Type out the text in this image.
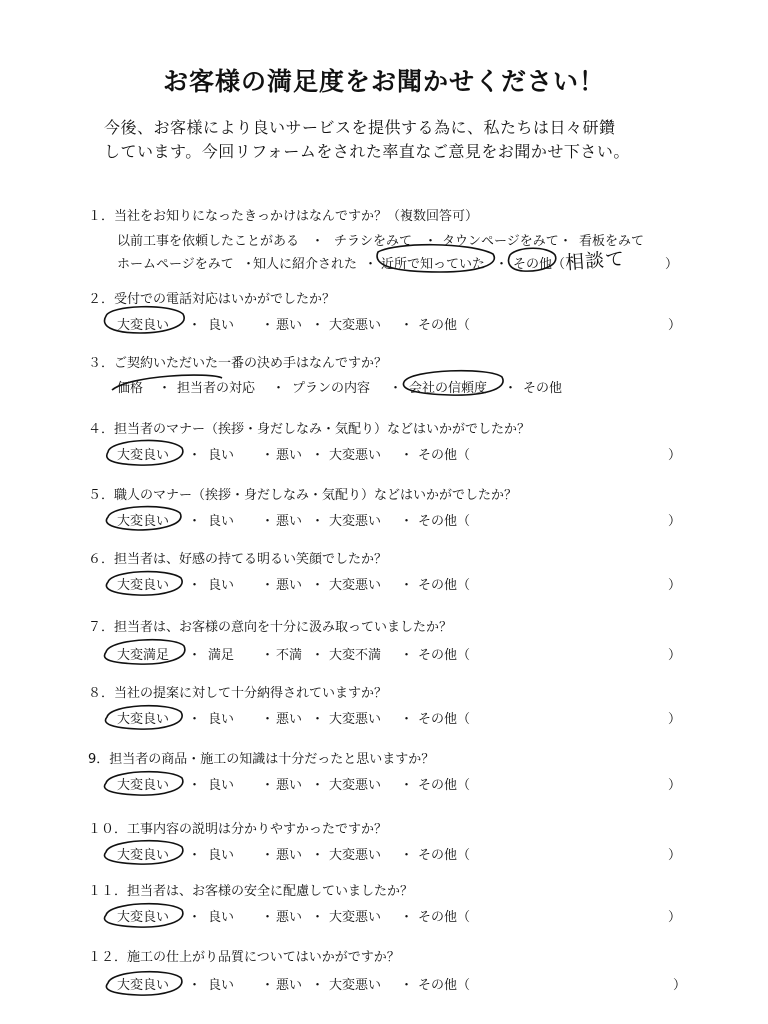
お客様の満足度をお聞かせください！
今後、お客様により良いサービスを提供する為に、私たちは日々研鑽
しています。今回リフォームをされた率直なご意見をお聞かせ下さい。
１．当社をお知りになったきっかけはなんですか？（複数回答可）
以前工事を依頼したことがある ・ チラシをみて ・ タウンページをみて ・ 看板をみて
ホームページをみて ・
知人に紹介された ・ 近所で知っていた ・ その他（	）
相談て
２．受付での電話対応はいかがでしたか？
大変良い	良い	悪い 大変悪い	その他（
・	・	・	・	）
４．担当者のマナー（挨拶・身だしなみ・気配り）などはいかがでしたか？
大変良い	良い	悪い 大変悪い	その他（
・	・	・	・	）
５．職人のマナー（挨拶・身だしなみ・気配り）などはいかがでしたか？
大変良い	良い	悪い 大変悪い	その他（
・	・	・	・	）
６．担当者は、好感の持てる明るい笑顔でしたか？
大変良い	良い	悪い 大変悪い	その他（
・	・	・	・	）
７．担当者は、お客様の意向を十分に汲み取っていましたか？
大変満足	満足	不満 大変不満	その他（
・	・	・	・	）
８．当社の提案に対して十分納得されていますか？
大変良い	良い	悪い 大変悪い	その他（
・	・	・	・	）
9．担当者の商品・施工の知識は十分だったと思いますか？
大変良い	良い	悪い 大変悪い	その他（
・	・	・	・	）
１０．工事内容の説明は分かりやすかったですか？
大変良い	良い	悪い 大変悪い	その他（
・	・	・	・	）
１１．担当者は、お客様の安全に配慮していましたか？
大変良い	良い	悪い 大変悪い	その他（
・	・	・	・	）
１２．施工の仕上がり品質についてはいかがですか？
大変良い	良い	悪い 大変悪い	その他（
・	・	・	・	）
３．ご契約いただいた一番の決め手はなんですか？
価格 ・ 担当者の対応 ・ プランの内容 ・ 会社の信頼度 ・ その他
